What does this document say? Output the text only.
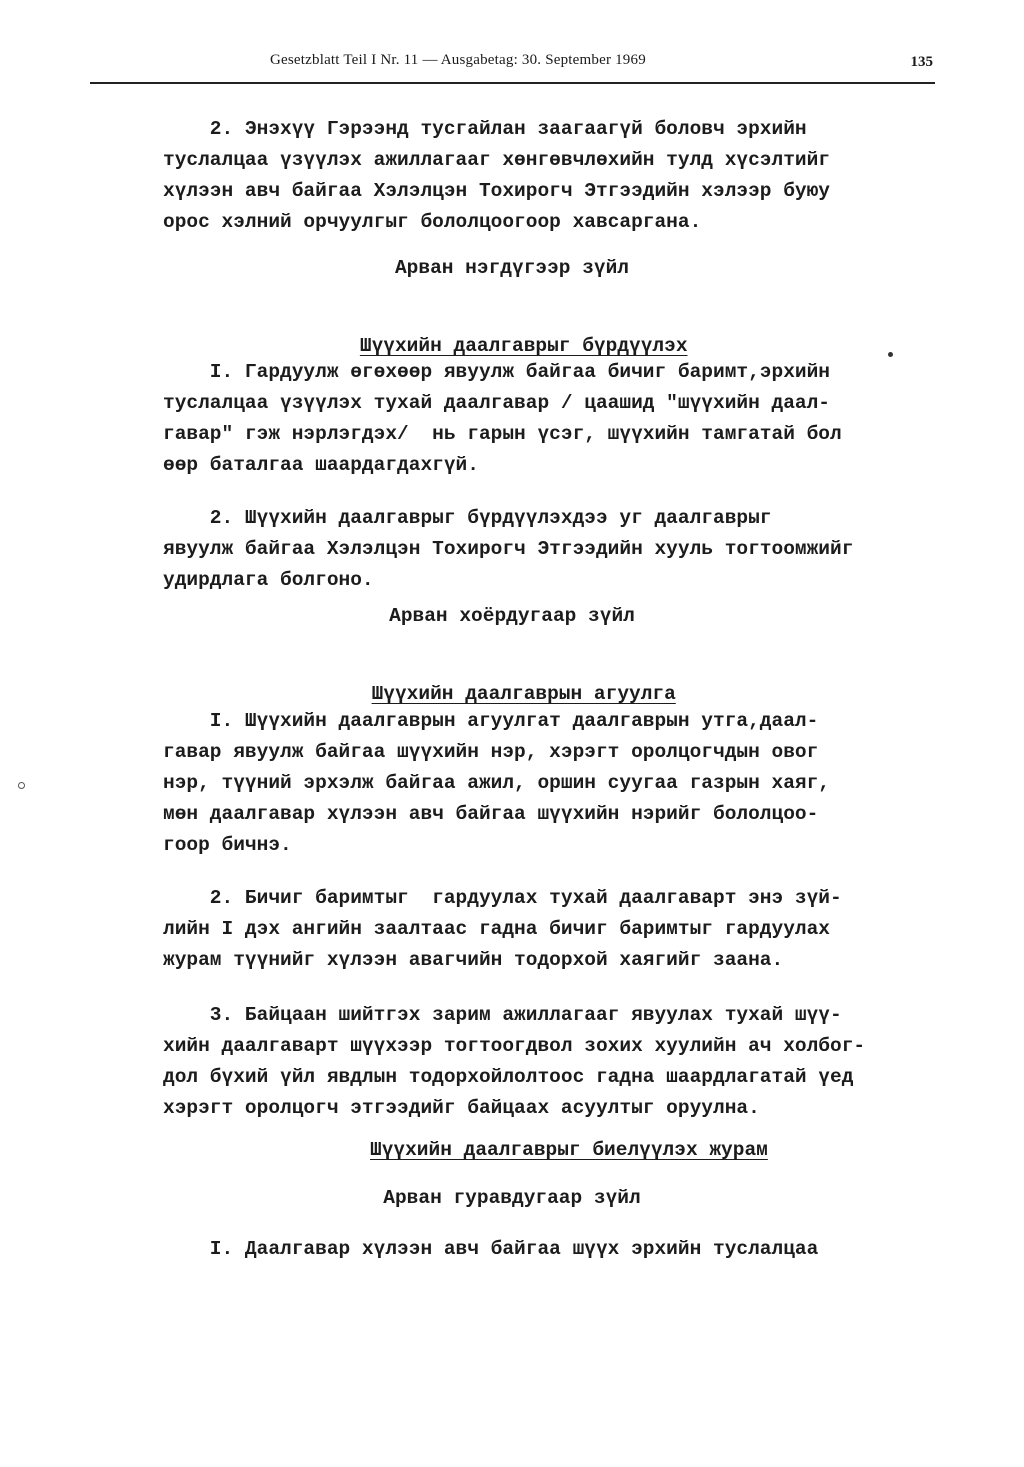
Gesetzblatt Teil I Nr. 11 — Ausgabetag: 30. September 1969	135
2. Энэхүү Гэрээнд тусгайлан заагаагүй боловч эрхийн
туслалцаа үзүүлэх ажиллагааг хөнгөвчлөхийн тулд хүсэлтийг
хүлээн авч байгаа Хэлэлцэн Тохирогч Этгээдийн хэлээр буюу
орос хэлний орчуулгыг бололцоогоор хавсаргана.
Арван нэгдүгээр зүйл

Шүүхийн даалгаврыг бүрдүүлэх

I. Гардуулж өгөхөөр явуулж байгаа бичиг баримт,эрхийн
туслалцаа үзүүлэх тухай даалгавар / цаашид "шүүхийн даал-
гавар" гэж нэрлэгдэх/  нь гарын үсэг, шүүхийн тамгатай бол
өөр баталгаа шаардагдахгүй.
2. Шүүхийн даалгаврыг бүрдүүлэхдээ уг даалгаврыг
явуулж байгаа Хэлэлцэн Тохирогч Этгээдийн хууль тогтоомжийг
удирдлага болгоно.
Арван хоёрдугаар зүйл

Шүүхийн даалгаврын агуулга

I. Шүүхийн даалгаврын агуулгат даалгаврын утга,даал-
гавар явуулж байгаа шүүхийн нэр, хэрэгт оролцогчдын овог
нэр, түүний эрхэлж байгаа ажил, оршин суугаа газрын хаяг,
мөн даалгавар хүлээн авч байгаа шүүхийн нэрийг бололцоо-
гоор бичнэ.
2. Бичиг баримтыг  гардуулах тухай даалгаварт энэ зүй-
лийн I дэх ангийн заалтаас гадна бичиг баримтыг гардуулах
журам түүнийг хүлээн авагчийн тодорхой хаягийг заана.
3. Байцаан шийтгэх зарим ажиллагааг явуулах тухай шүү-
хийн даалгаварт шүүхээр тогтоогдвол зохих хуулийн ач холбог-
дол бүхий үйл явдлын тодорхойлолтоос гадна шаардлагатай үед
хэрэгт оролцогч этгээдийг байцаах асуултыг оруулна.
Шүүхийн даалгаврыг биелүүлэх журам
Арван гуравдугаар зүйл
I. Даалгавар хүлээн авч байгаа шүүх эрхийн туслалцаа
